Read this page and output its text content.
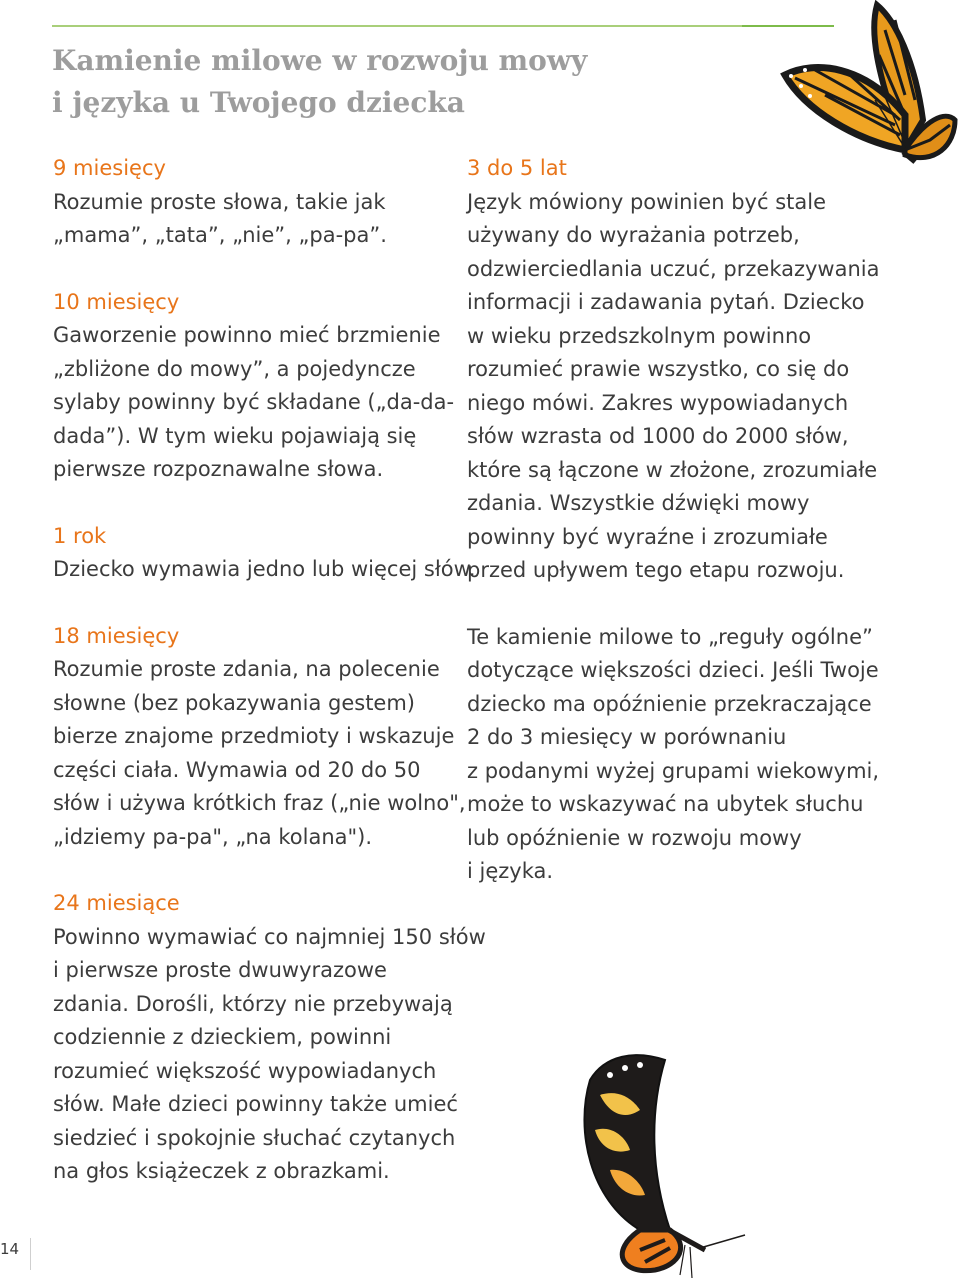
Kamienie milowe w rozwoju mowy
i języka u Twojego dziecka
9 miesięcy
Rozumie proste słowa, takie jak
„mama”, „tata”, „nie”, „pa-pa”.
10 miesięcy
Gaworzenie powinno mieć brzmienie
„zbliżone do mowy”, a pojedyncze
sylaby powinny być składane („da-da-
dada”). W tym wieku pojawiają się
pierwsze rozpoznawalne słowa.
1 rok
Dziecko wymawia jedno lub więcej słów.
18 miesięcy
Rozumie proste zdania, na polecenie
słowne (bez pokazywania gestem)
bierze znajome przedmioty i wskazuje
części ciała. Wymawia od 20 do 50
słów i używa krótkich fraz („nie wolno",
„idziemy pa-pa", „na kolana").
24 miesiące
Powinno wymawiać co najmniej 150 słów
i pierwsze proste dwuwyrazowe
zdania. Dorośli, którzy nie przebywają
codziennie z dzieckiem, powinni
rozumieć większość wypowiadanych
słów. Małe dzieci powinny także umieć
siedzieć i spokojnie słuchać czytanych
na głos książeczek z obrazkami.
3 do 5 lat
Język mówiony powinien być stale
używany do wyrażania potrzeb,
odzwierciedlania uczuć, przekazywania
informacji i zadawania pytań. Dziecko
w wieku przedszkolnym powinno
rozumieć prawie wszystko, co się do
niego mówi. Zakres wypowiadanych
słów wzrasta od 1000 do 2000 słów,
które są łączone w złożone, zrozumiałe
zdania. Wszystkie dźwięki mowy
powinny być wyraźne i zrozumiałe
przed upływem tego etapu rozwoju.
Te kamienie milowe to „reguły ogólne”
dotyczące większości dzieci. Jeśli Twoje
dziecko ma opóźnienie przekraczające
2 do 3 miesięcy w porównaniu
z podanymi wyżej grupami wiekowymi,
może to wskazywać na ubytek słuchu
lub opóźnienie w rozwoju mowy
i języka.
14
